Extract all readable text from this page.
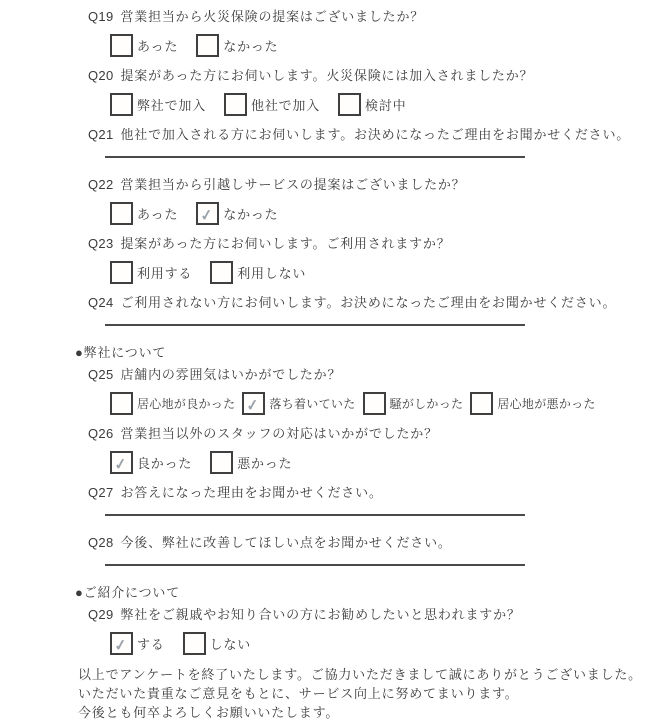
Q19 営業担当から火災保険の提案はございましたか？
あった	なかった
Q20 提案があった方にお伺いします。火災保険には加入されましたか？
弊社で加入	他社で加入	検討中
Q21 他社で加入される方にお伺いします。お決めになったご理由をお聞かせください。
Q22 営業担当から引越しサービスの提案はございましたか？
あった ✓ なかった
Q23 提案があった方にお伺いします。ご利用されますか？
利用する	利用しない
Q24 ご利用されない方にお伺いします。お決めになったご理由をお聞かせください。
●弊社について
Q25 店舗内の雰囲気はいかがでしたか？
居心地が良かった ✓ 落ち着いていた	騒がしかった	居心地が悪かった
Q26 営業担当以外のスタッフの対応はいかがでしたか？
✓ 良かった	悪かった
Q27 お答えになった理由をお聞かせください。
Q28 今後、弊社に改善してほしい点をお聞かせください。
●ご紹介について
Q29 弊社をご親戚やお知り合いの方にお勧めしたいと思われますか？
✓ する	しない

以上でアンケートを終了いたします。ご協力いただきまして誠にありがとうございました。

いただいた貴重なご意見をもとに、サービス向上に努めてまいります。

今後とも何卒よろしくお願いいたします。
